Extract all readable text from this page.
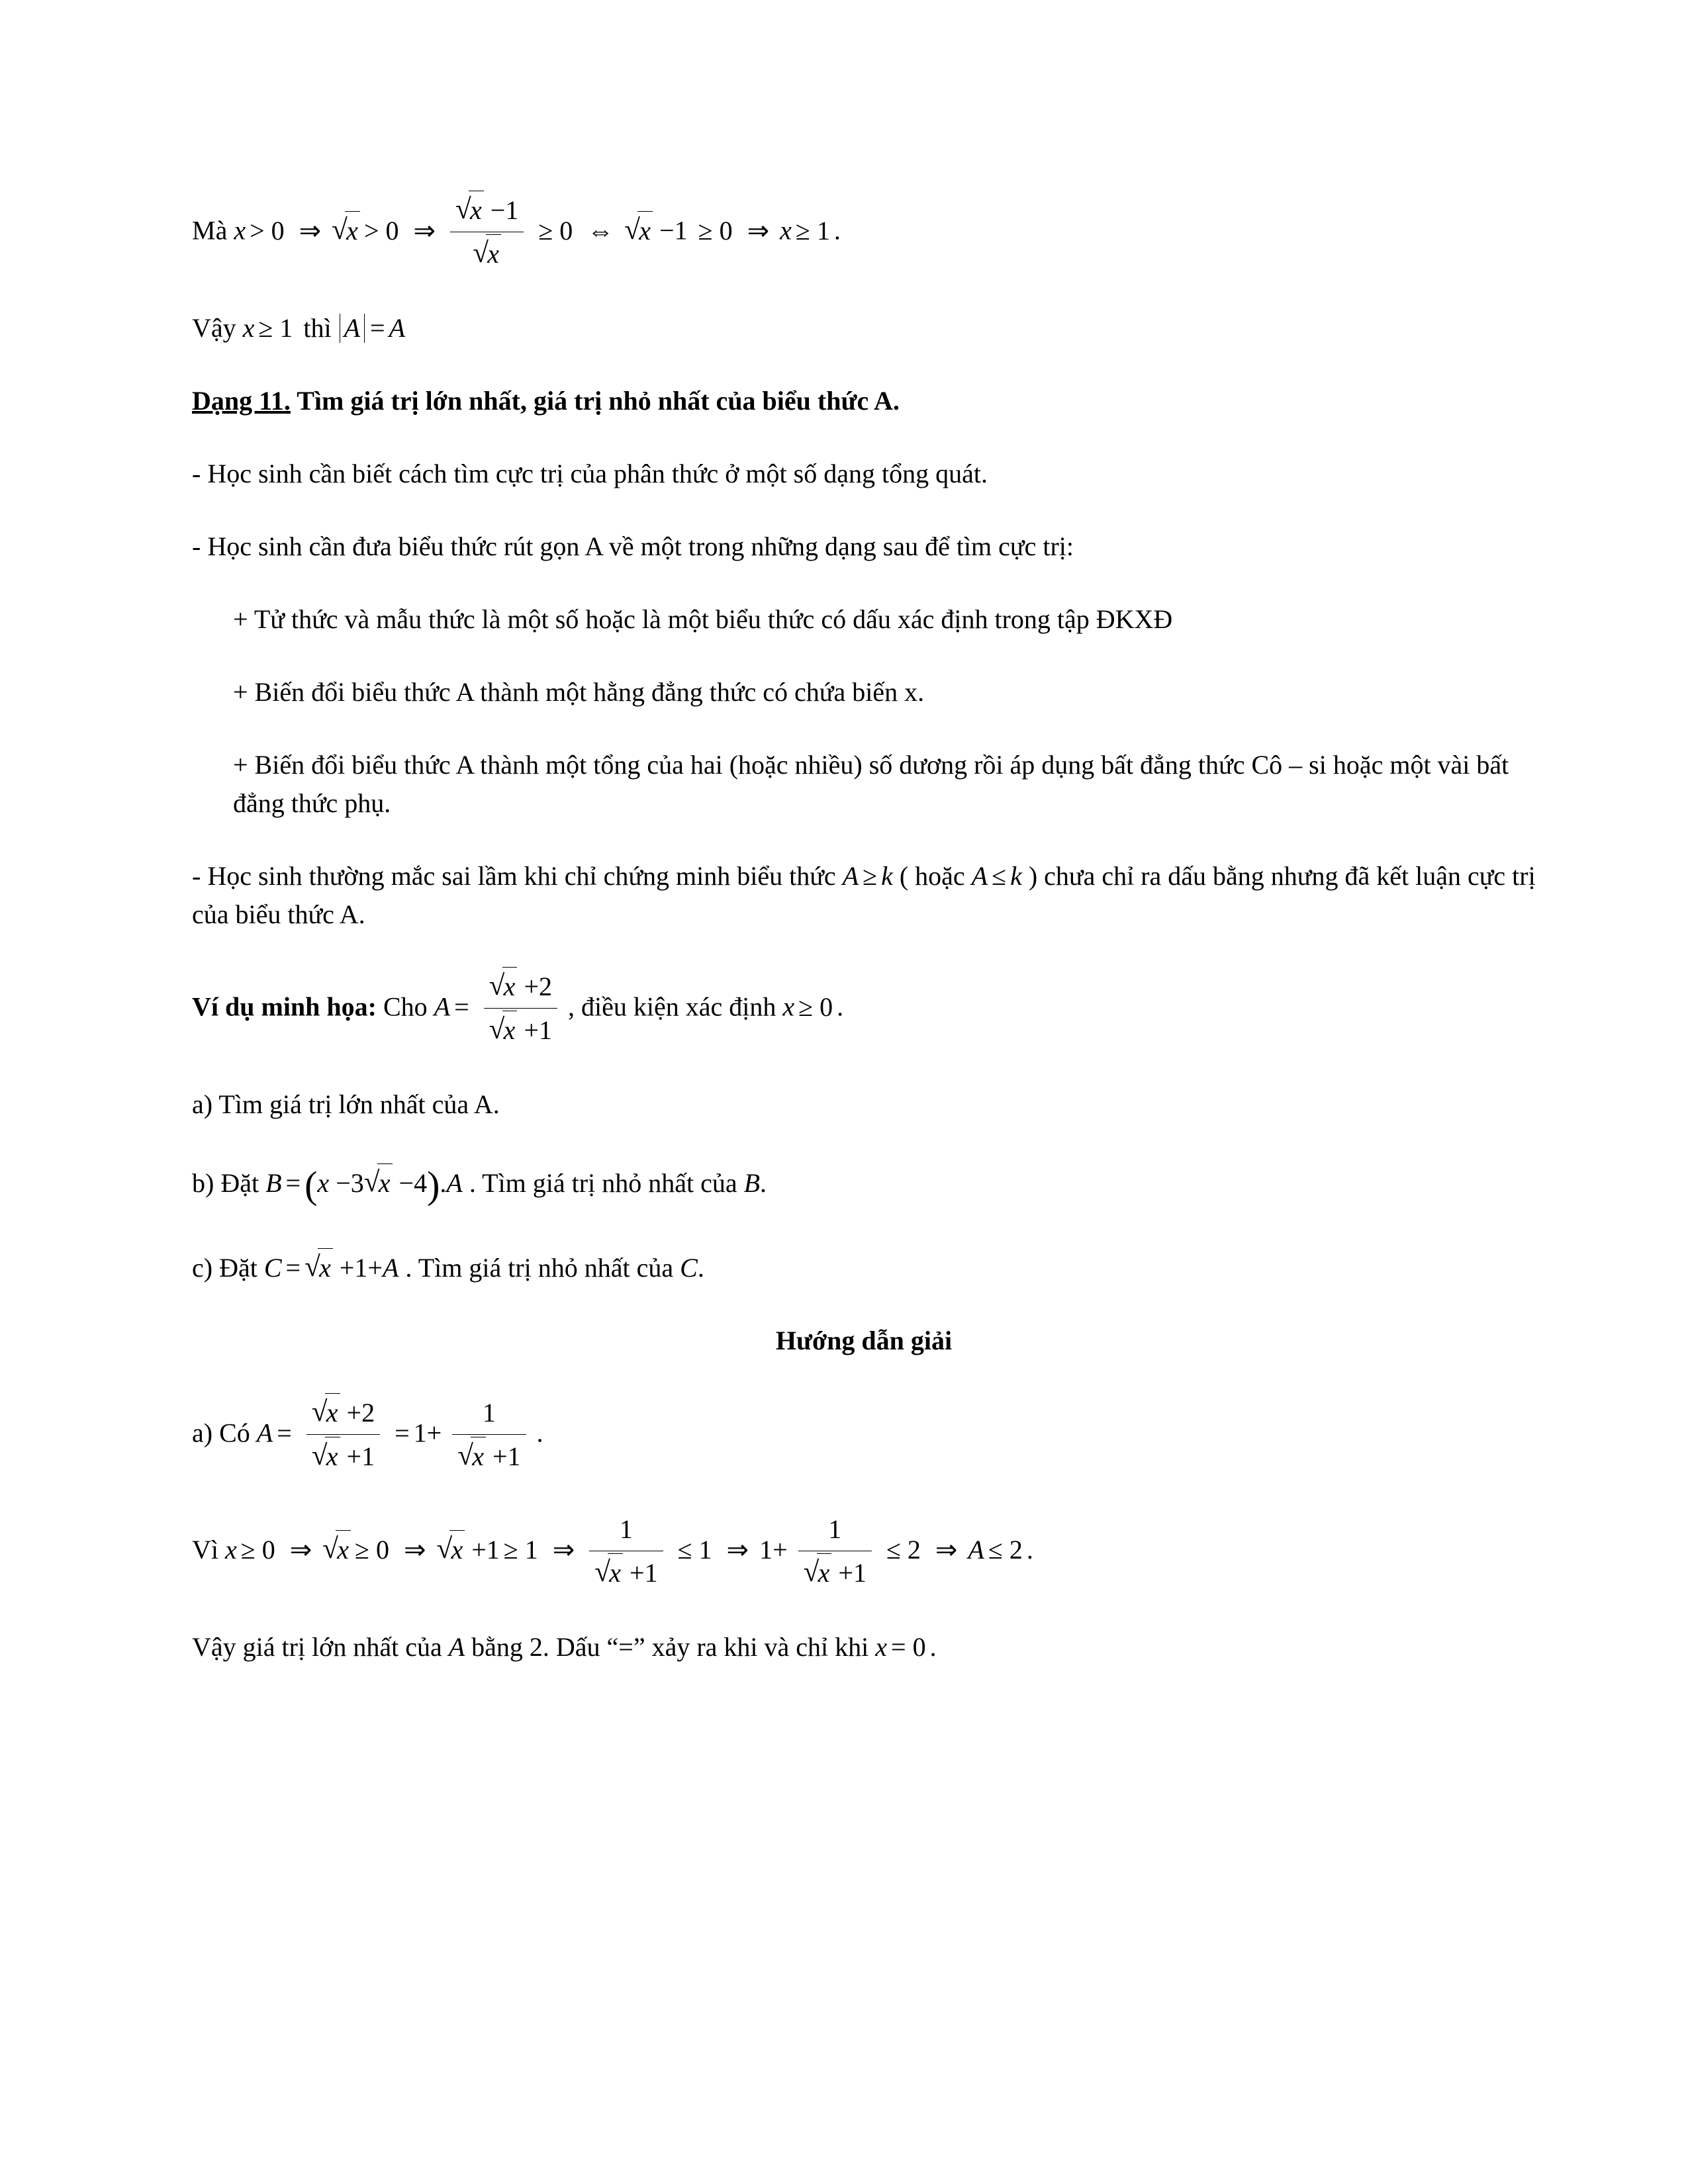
Mà x > 0 ⇒ √ x > 0 ⇒ √ x −1
√ x ≥ 0 ⇔ √ x −1 ≥ 0 ⇒ x ≥ 1 .

Vậy x ≥ 1 thì A = A

Dạng 11. Tìm giá trị lớn nhất, giá trị nhỏ nhất của biểu thức A.

- Học sinh cần biết cách tìm cực trị của phân thức ở một số dạng tổng quát.

- Học sinh cần đưa biểu thức rút gọn A về một trong những dạng sau để tìm cực trị:

+ Tử thức và mẫu thức là một số hoặc là một biểu thức có dấu xác định trong tập ĐKXĐ

+ Biến đổi biểu thức A thành một hằng đẳng thức có chứa biến x.

+ Biến đổi biểu thức A thành một tổng của hai (hoặc nhiều) số dương rồi áp dụng bất đẳng thức Cô – si hoặc một vài bất đẳng thức phụ.

- Học sinh thường mắc sai lầm khi chỉ chứng minh biểu thức A ≥ k ( hoặc A ≤ k ) chưa chỉ ra dấu bằng nhưng đã kết luận cực trị của biểu thức A.

Ví dụ minh họa: Cho A = √ x +2
√ x +1 , điều kiện xác định x ≥ 0 .

a) Tìm giá trị lớn nhất của A.

b) Đặt B = (x −3 √ x −4).A . Tìm giá trị nhỏ nhất của B.

c) Đặt C = √ x +1+A . Tìm giá trị nhỏ nhất của C.

Hướng dẫn giải

a) Có A = √ x +2
√ x +1 = 1+ 1
√ x +1 .

Vì x ≥ 0 ⇒ √ x ≥ 0 ⇒ √ x +1 ≥ 1 ⇒ 1
√ x +1 ≤ 1 ⇒ 1+ 1
√ x +1 ≤ 2 ⇒ A ≤ 2 .

Vậy giá trị lớn nhất của A bằng 2. Dấu “=” xảy ra khi và chỉ khi x = 0 .
